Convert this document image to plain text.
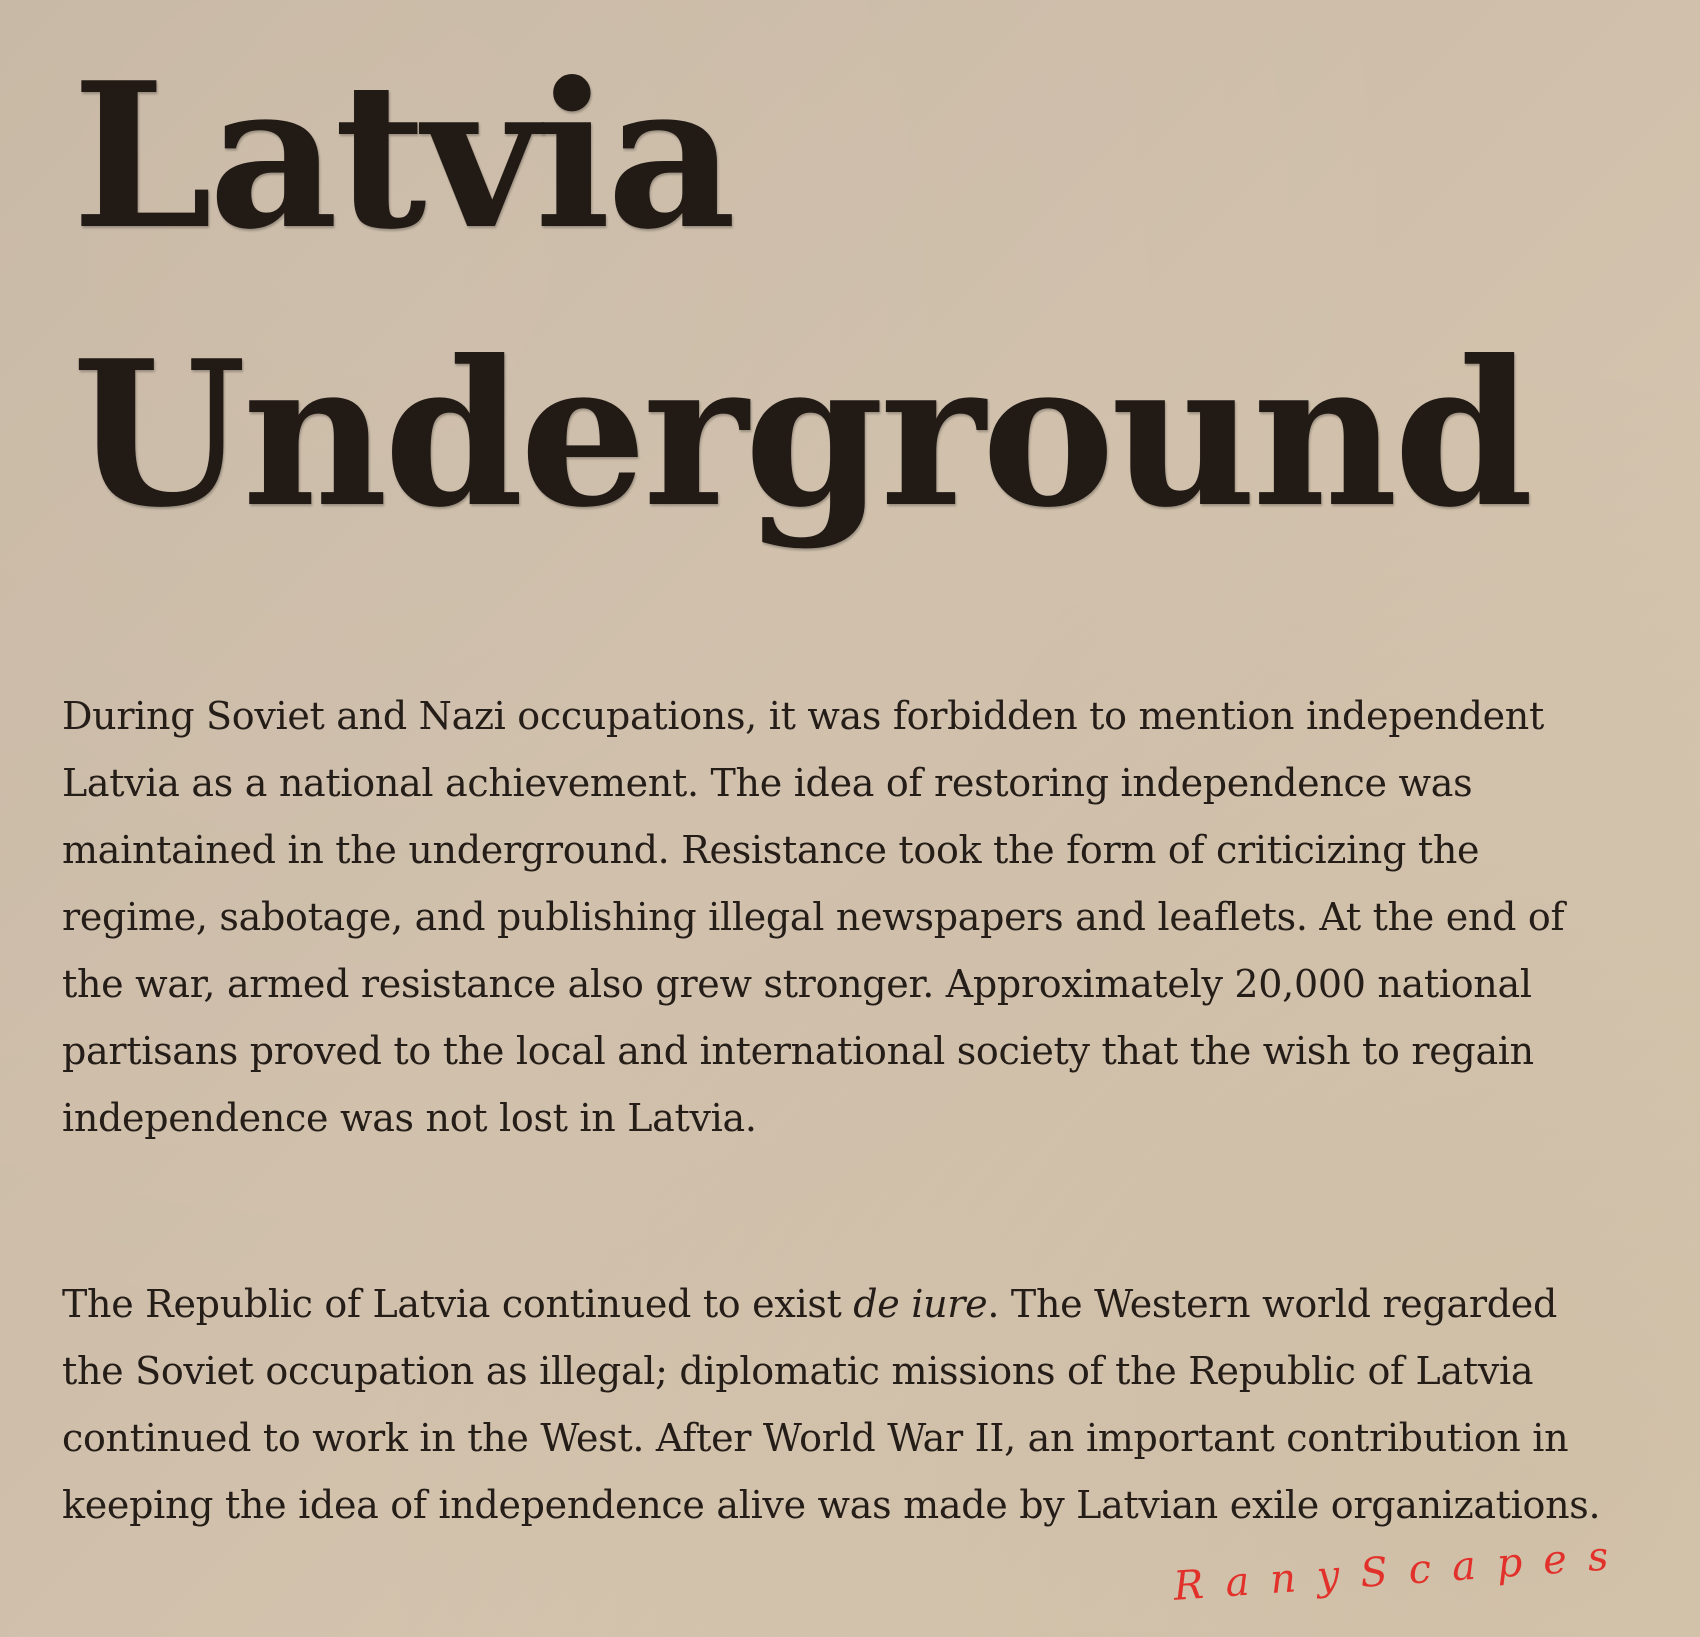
Latvia
Underground

During Soviet and Nazi occupations, it was forbidden to mention independent Latvia as a national achievement. The idea of restoring independence was maintained in the underground. Resistance took the form of criticizing the regime, sabotage, and publishing illegal newspapers and leaflets. At the end of the war, armed resistance also grew stronger. Approximately 20,000 national partisans proved to the local and international society that the wish to regain independence was not lost in Latvia.

The Republic of Latvia continued to exist de iure. The Western world regarded the Soviet occupation as illegal; diplomatic missions of the Republic of Latvia continued to work in the West. After World War II, an important contribution in keeping the idea of independence alive was made by Latvian exile organizations.

RanyScapes
